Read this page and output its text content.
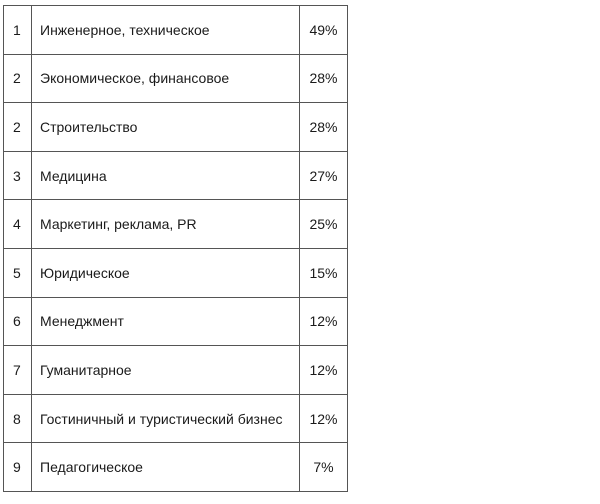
1	Инженерное, техническое	49%
2	Экономическое, финансовое	28%
2	Строительство	28%
3	Медицина	27%
4	Маркетинг, реклама, PR	25%
5	Юридическое	15%
6	Менеджмент	12%
7	Гуманитарное	12%
8	Гостиничный и туристический бизнес	12%
9	Педагогическое	7%
